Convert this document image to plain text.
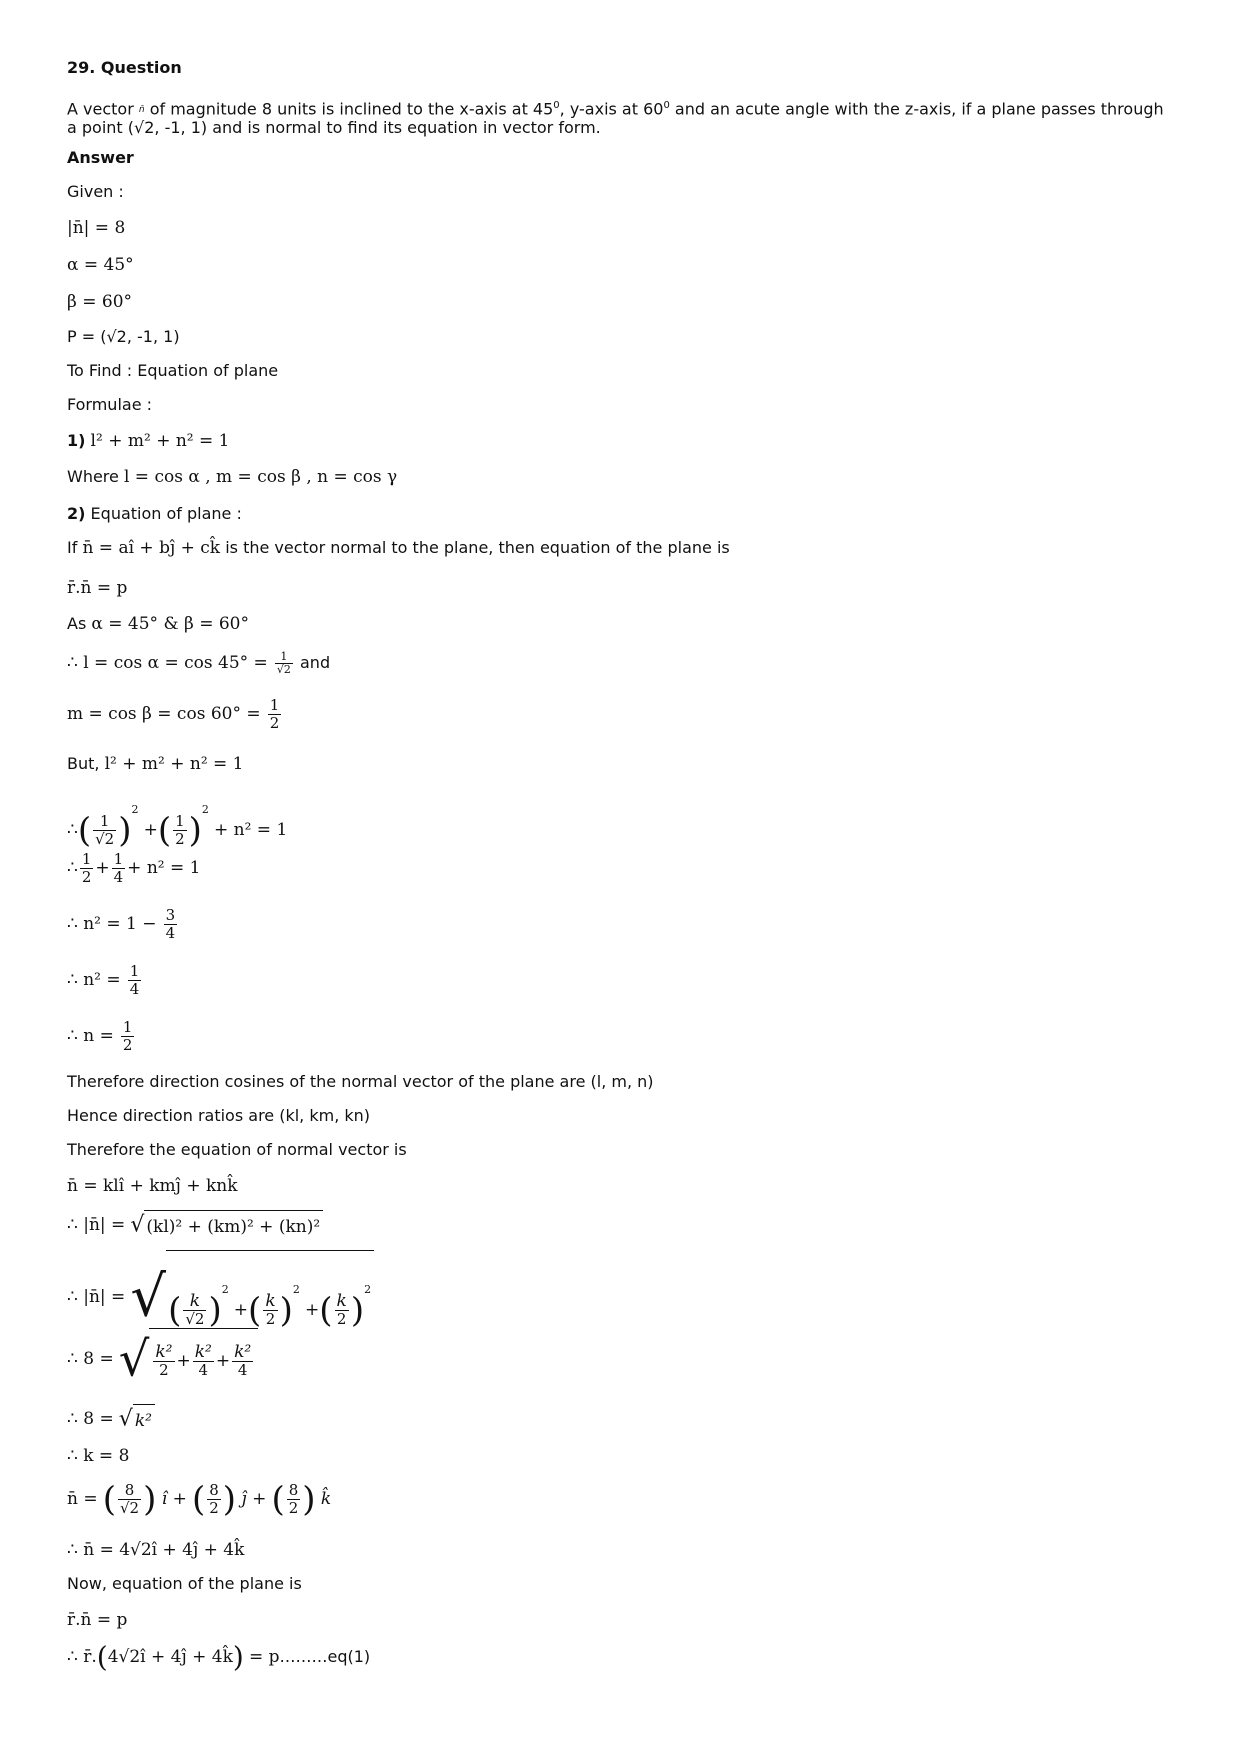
29. Question
A vector n̄ of magnitude 8 units is inclined to the x-axis at $45^0$, y-axis at $60^0$ and an acute angle with the z-axis, if a plane passes through a point (√2, -1, 1) and is normal to find its equation in vector form.
Answer
Given :
|n̄| = 8
α = 45°
β = 60°
P = (√2, -1, 1)
To Find : Equation of plane
Formulae :
1) l² + m² + n² = 1
Where l = cos α , m = cos β , n = cos γ
2) Equation of plane :
If n̄ = aî + bĵ + ck̂ is the vector normal to the plane, then equation of the plane is
r̄.n̄ = p
As α = 45° & β = 60°
∴ $l = \cos \alpha = \cos 45^\circ = \frac{1}{√2}$ and
$m = \cos \beta = \cos 60^\circ = \frac{1}{2}$
But, l² + m² + n² = 1
∴( $\frac{1}{√2} )^2$ +( $\frac{1}{2} )^2 + n^2 = 1$
∴ $\frac{1}{2} + \frac{1}{4} + n^2 = 1$
∴ $n^2 = 1 - \frac{3}{4}$
∴ $n^2 = \frac{1}{4}$
∴ $n = \frac{1}{2}$
Therefore direction cosines of the normal vector of the plane are (l, m, n)
Hence direction ratios are (kl, km, kn)
Therefore the equation of normal vector is
n̄ = klî + kmĵ + knk̂
∴ |n̄| = √ (kl)² + (km)² + (kn)²
∴ |n̄| = √( $\frac{k}{√2} )^2$ +( $\frac{k}{2} )^2$ +( $\frac{k}{2} )^2$
∴ 8 = √ $\frac{\text{k²}}{2} + \frac{\text{k²}}{4} + \frac{\text{k²}}{4}$
∴ 8 = √ k²
∴ k = 8
n̄ = ( $\frac{8}{√2}$ ) î + ( $\frac{8}{2}$ ) ĵ + ( $\frac{8}{2}$ ) k̂
∴ n̄ = 4√2î + 4ĵ + 4k̂
Now, equation of the plane is
r̄.n̄ = p
∴ r̄.(4√2î + 4ĵ + 4k̂) = p………eq(1)
